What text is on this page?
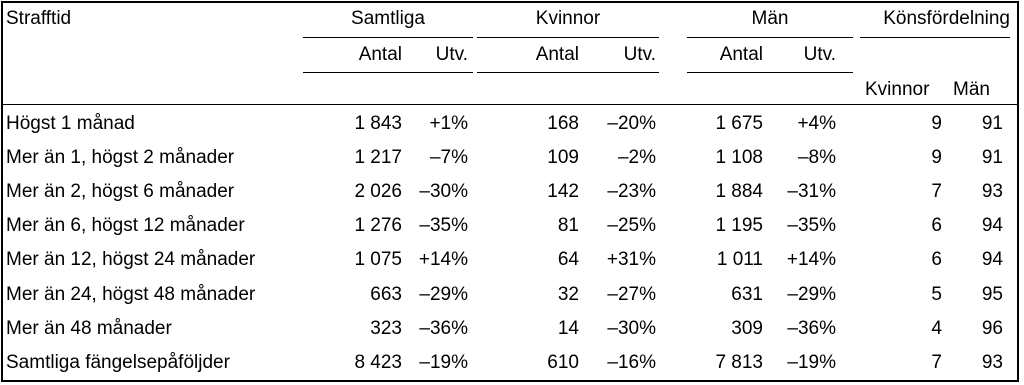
Strafftid	Samtliga	Kvinnor	Män	Könsfördelning
Antal	Utv.	Antal	Utv.	Antal	Utv.
Kvinnor Män
Högst 1 månad	1 843	+1%	168	–20%	1 675	+4%	9	91
Mer än 1, högst 2 månader	1 217	–7%	109	–2%	1 108	–8%	9	91
Mer än 2, högst 6 månader	2 026 –30%	142	–23%	1 884	–31%	7	93
Mer än 6, högst 12 månader	1 276 –35%	81	–25%	1 195	–35%	6	94
Mer än 12, högst 24 månader	1 075 +14%	64	+31%	1 011	+14%	6	94
Mer än 24, högst 48 månader	663 –29%	32	–27%	631	–29%	5	95
Mer än 48 månader	323 –36%	14	–30%	309	–36%	4	96
Samtliga fängelsepåföljder	8 423 –19%	610	–16%	7 813	–19%	7	93
